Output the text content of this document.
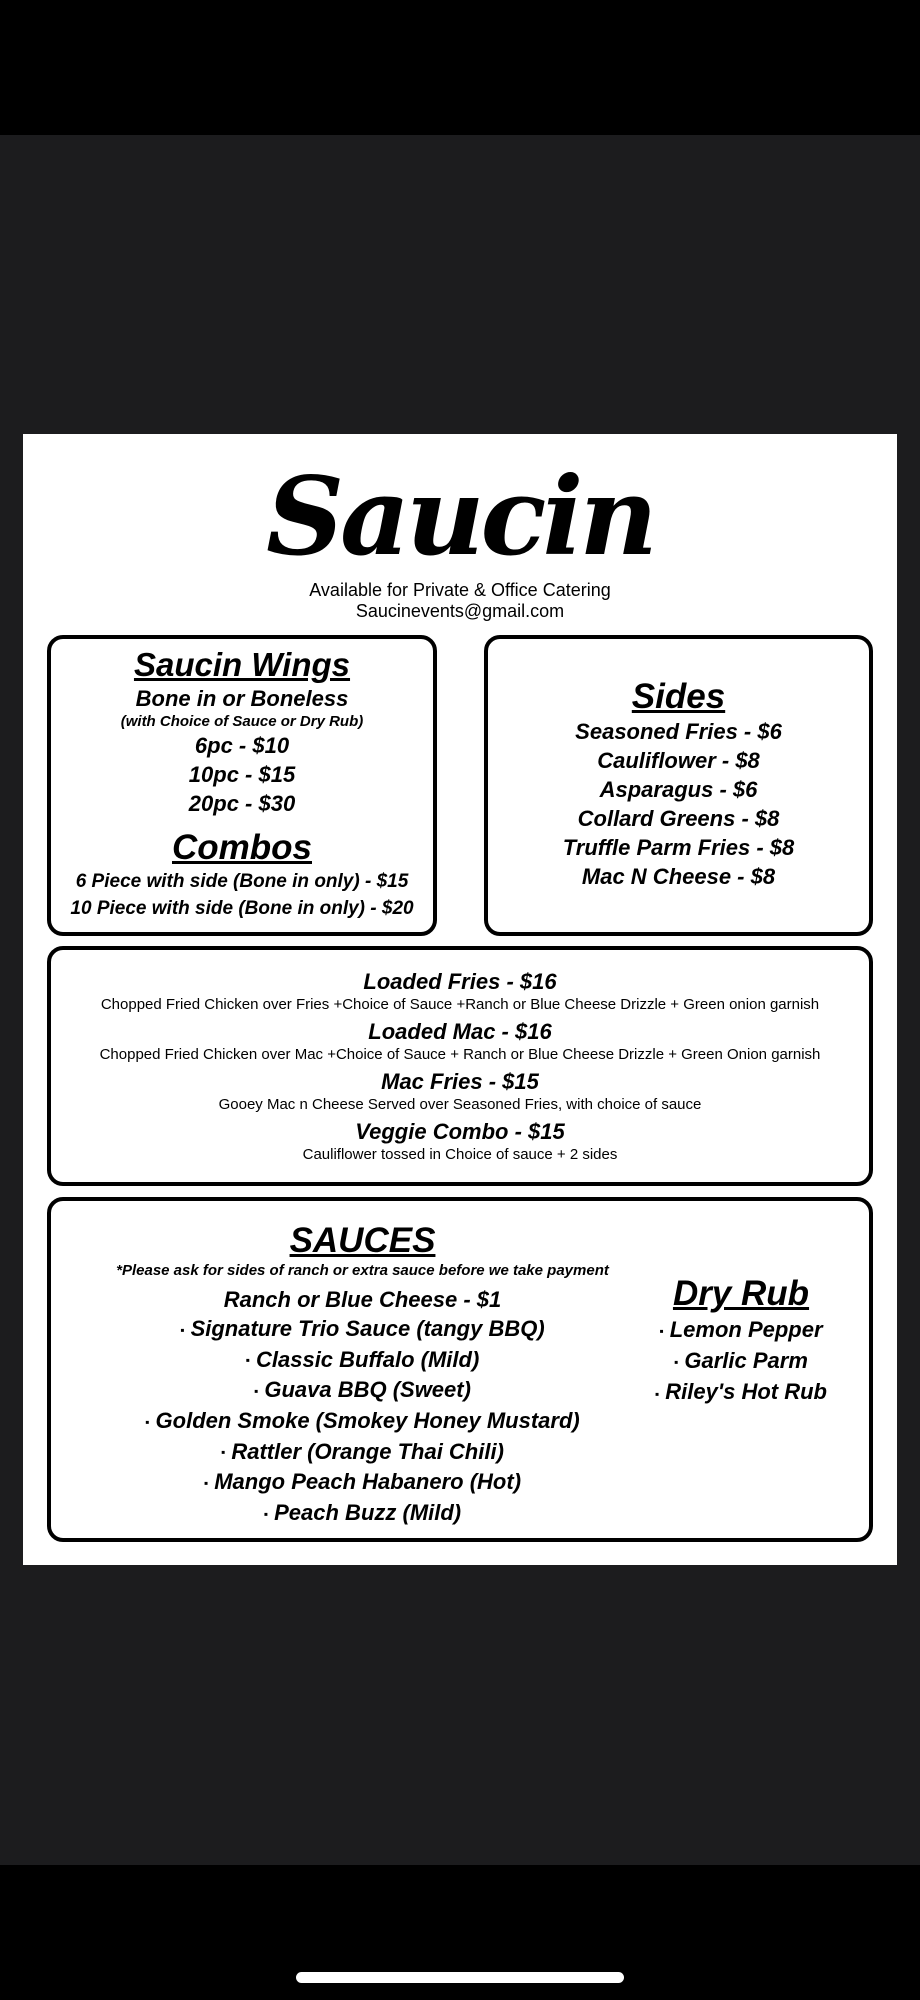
Saucin
Available for Private & Office Catering
Saucinevents@gmail.com
Saucin Wings
Bone in or Boneless
(with Choice of Sauce or Dry Rub)
6pc - $10
10pc - $15
20pc - $30
Combos
6 Piece with side (Bone in only) - $15
10 Piece with side (Bone in only) - $20
Sides
Seasoned Fries - $6
Cauliflower - $8
Asparagus - $6
Collard Greens - $8
Truffle Parm Fries - $8
Mac N Cheese - $8
Loaded Fries - $16
Chopped Fried Chicken over Fries +Choice of Sauce +Ranch or Blue Cheese Drizzle + Green onion garnish
Loaded Mac - $16
Chopped Fried Chicken over Mac +Choice of Sauce + Ranch or Blue Cheese Drizzle + Green Onion garnish
Mac Fries - $15
Gooey Mac n Cheese Served over Seasoned Fries, with choice of sauce
Veggie Combo - $15
Cauliflower tossed in Choice of sauce + 2 sides
SAUCES
*Please ask for sides of ranch or extra sauce before we take payment
Ranch or Blue Cheese - $1
▪ Signature Trio Sauce (tangy BBQ)
▪ Classic Buffalo (Mild)
▪ Guava BBQ (Sweet)
▪ Golden Smoke (Smokey Honey Mustard)
▪ Rattler (Orange Thai Chili)
▪ Mango Peach Habanero (Hot)
▪ Peach Buzz (Mild)
Dry Rub
▪ Lemon Pepper
▪ Garlic Parm
▪ Riley's Hot Rub
